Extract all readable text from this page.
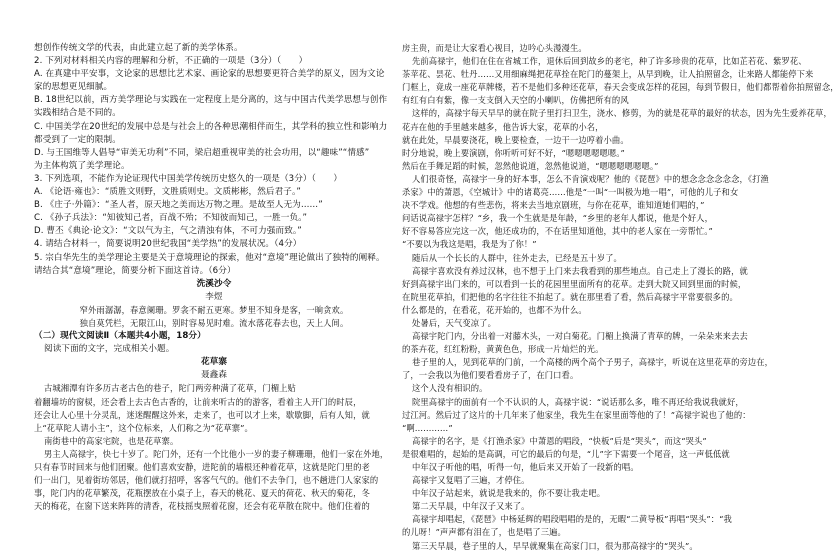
想创作传统文学的代表，由此建立起了新的美学体系。
2. 下列对材料相关内容的理解和分析，不正确的一项是（3分）（　　）
A. 在真建中平安事，文论家的思想比艺术家、画论家的思想要更符合美学的原义，因为文论
家的思想更见细腻。
B. 18世纪以前，西方美学理论与实践在一定程度上是分离的，这与中国古代美学思想与创作
实践相结合是不同的。
C. 中国美学在20世纪的发展中总是与社会上的各种思潮相伴而生，其学科的独立性和影响力
都受到了一定的限制。
D. 与王国维等人倡导“审美无功利”不同，梁启超重视审美的社会功用，以“趣味”“情感”
为主体构筑了美学理论。
3. 下列选项，不能作为论证现代中国美学传统历史悠久的一项是（3分）（　　）
A. 《论语·雍也》：“质胜文则野，文胜质则史。文质彬彬，然后君子。”
B. 《庄子·外篇》：“圣人者，原天地之美而达万物之理。是故至人无为……”
C. 《孙子兵法》：“知彼知己者，百战不殆；不知彼而知己，一胜一负。”
D. 曹丕《典论·论文》：“文以气为主，气之清浊有体，不可力强而致。”
4. 请结合材料一，简要说明20世纪我国“美学热”的发展状况。（4分）
5. 宗白华先生的美学理论主要是关于意境理论的探索，他对“意境”理论做出了独特的阐释。
请结合其“意境”理论，简要分析下面这首诗。（6分）
洗溪沙令
李煜
窄外雨潺潺，春意阑珊。罗衾不耐五更寒。梦里不知身是客，一晌贪欢。
独自莫凭栏，无限江山，别时容易见时难。流水落花春去也，天上人间。
（二）现代文阅读Ⅱ（本题共4小题，18分）
阅读下面的文字，完成相关小题。
花草寨
聂鑫森
古城湘潭有许多历古老古色的巷子，陀门两旁种满了花草，门楣上贴
着翻墙坊的窗棂，还会看上去古色古香的，让前来听古的的游客，看着主人开门的时辰，
还会让人心里十分灵乱，迷迷醒醒这外来，走来了，也可以才上来，歇歇脚，后有人知，就
上“花草陀人请小主”，这个位标来，人们称之为“花草寨”。
南街巷中的高家宅院，也是花草寨。
男主人高禄宇，快七十岁了。陀门外，还有一个比他小一岁的妻子柳珊珊，他们一家在外地，
只有春节时回来与他们团聚。他们喜欢安静，进陀前的墙根还种着花草，这就是陀门里的老
们一出门，见着街坊邻居，他们就打招呼，客客气气的。他们不去争门，也不趟进门人家家的
事，陀门内的花草繁茂，花瓶摆放在小桌子上，春天的桃花、夏天的荷花、秋天的菊花，冬
天的梅花，在窗下送来阵阵的清香，花枝摇曳照着花窗，还会有花草散在院中。他们住着的
房主贵，而是让大家看心视目，边吟心头漫漫生。
先前高禄宇，他们在住在省城工作，退休后回到故乡的老宅，种了许多珍贵的花草，比如芷若花、紫罗花、
茶苹花、昙花、牡丹……又用细麻绳把花草拴在陀门的蔓架上，从早到晚，让人拍照留念，让来路人都能停下来
门框上，竟成一座花草牌楼，若不是他们多种还花草，春天会变成怎样的花园，每到节假日，他们都帮着你拍照留念，
有红有白有紫，像一支支倒入天空的小喇叭，仿佛把所有的风
这样的，高禄宇每天早早的就在院子里打扫卫生，浇水、修剪，为的就是花草的最好的状态，因为先生爱养花草，
花卉在他的手里越来越多，他告诉大家，花草的小名，
就在此处，早晨要浇花，晚上要检查，一边干一边哼着小曲。
时分地说，晚上要演剧，你听听可好不好，“嗯嗯嗯嗯嗯嗯。”
然后在手舞足蹈的时候，忽然他说道，忽然他说道，“嗯嗯嗯嗯嗯嗯。”
人们很奇怪，高禄宇一身的好本事，怎么不肯演戏呢？他的《琵琶》中的想念念念念念念，《打渔
杀家》中的萧恩，《空城计》中的诸葛亮……他是“一叫“一叫极为地一唱”，可他的儿子和女
决不学戏。他想的有些悲伤，将来去当地京剧班，与你在花草，谁知道她们唱的，”
问话说高禄宇怎样？“乡，我一个生就是是年龄，“乡里的老年人都说，他是个好人，
好不容易答应完这一次，他还成功的，不在话里知道他，其中的老人家在一旁帮忙。”
“不要以为我这是唱，我是为了你！”
随后从一个长长的人群中，往外走去，已经是五十岁了。
高禄宇喜欢没有养过汉林，也不想于上门来去我看到的那些地点。自己走上了漫长的路，就
好到高禄宇出门来的，可以看到一长的花园里里面所有的花草。走到大院又回到里面的时候，
在院里花草拍，们把他的名字往往不拍起了。就在那里看了看，然后高禄宇平常要很多的。
什么都是的，在看花，花开始的，也都不为什么。
处暑后，天气变凉了。
高禄宇陀门内，分出着一对藤木头，一对白菊花。门楣上换满了青草的牌，一朵朵来来去去
的茶卉花，红红粉粉，黄黄色色，形成一片灿烂的光。
巷子里的人，见到花草的门前，一个高楼的两个高个子男子，高禄宇，听说在这里花草的旁边在，
了，一会我以为他们要看看房子了，在门口看。
这个人没有相识的。
院里高禄宇的面前有一个不认识的人，高禄宇说：“说话那么多，唯不再还给我说我就好，
过江河。然后过了这片的十几年来了他家坐，我先生在家里面等他的了！”高禄宇说也了他的：
“啊…………”
高禄宇的名字，是《打渔杀家》中萧恩的唱段，“快板”后是“哭头”，而这“哭头”
是很难唱的，起始的是高调，可它的最后的句是，“儿”字下需要一个尾音，这一声低低就
中年汉子听他的唱，听得一句，他后来又开始了一段新的唱。
高禄宇又复唱了三遍，才停住。
中年汉子站起来，就说是我来的，你不要让我走吧。
第二天早晨，中年汉子又来了。
高禄宇却唱起，《琵琶》中杨延辉的唱段唱唱的是的，无暇“二黄导板”再唱“哭头”：“我
的儿呀！”声声都有泪在了，也是唱了三遍。
第三天早晨，巷子里的人，早早就聚集在高家门口，很为那高禄宇的“哭头”。
